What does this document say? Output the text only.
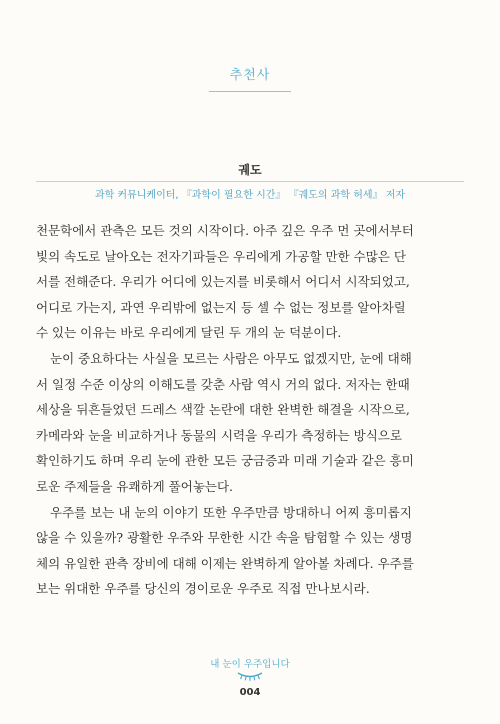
추천사
궤도
과학 커뮤니케이터, 『과학이 필요한 시간』 『궤도의 과학 허세』 저자
천문학에서 관측은 모든 것의 시작이다. 아주 깊은 우주 먼 곳에서부터
빛의 속도로 날아오는 전자기파들은 우리에게 가공할 만한 수많은 단
서를 전해준다. 우리가 어디에 있는지를 비롯해서 어디서 시작되었고,
어디로 가는지, 과연 우리밖에 없는지 등 셀 수 없는 정보를 알아차릴
수 있는 이유는 바로 우리에게 달린 두 개의 눈 덕분이다.
눈이 중요하다는 사실을 모르는 사람은 아무도 없겠지만, 눈에 대해
서 일정 수준 이상의 이해도를 갖춘 사람 역시 거의 없다. 저자는 한때
세상을 뒤흔들었던 드레스 색깔 논란에 대한 완벽한 해결을 시작으로,
카메라와 눈을 비교하거나 동물의 시력을 우리가 측정하는 방식으로
확인하기도 하며 우리 눈에 관한 모든 궁금증과 미래 기술과 같은 흥미
로운 주제들을 유쾌하게 풀어놓는다.
우주를 보는 내 눈의 이야기 또한 우주만큼 방대하니 어찌 흥미롭지
않을 수 있을까? 광활한 우주와 무한한 시간 속을 탐험할 수 있는 생명
체의 유일한 관측 장비에 대해 이제는 완벽하게 알아볼 차례다. 우주를
보는 위대한 우주를 당신의 경이로운 우주로 직접 만나보시라.
내 눈이 우주입니다
004
